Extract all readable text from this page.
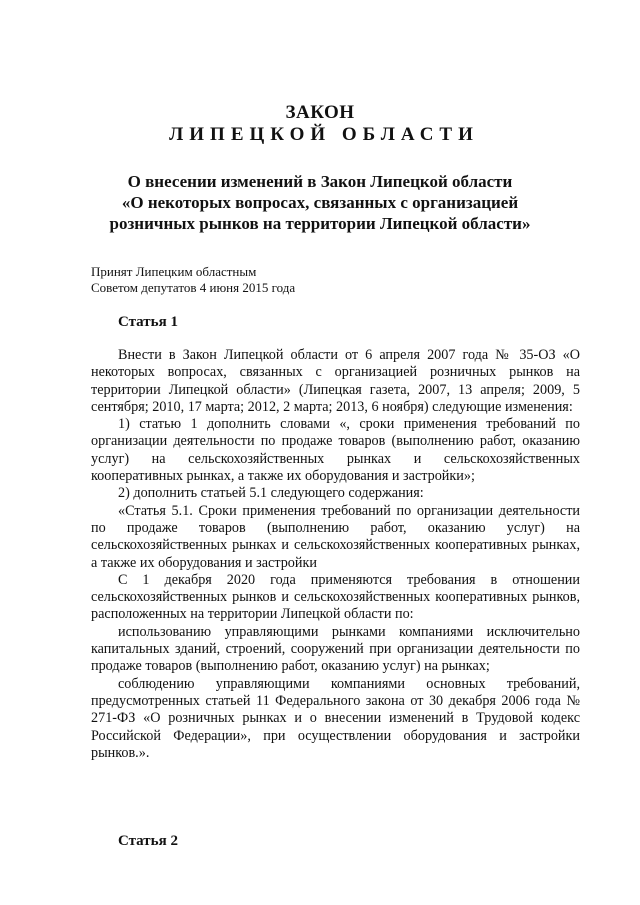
ЗАКОН
ЛИПЕЦКОЙ ОБЛАСТИ
О внесении изменений в Закон Липецкой области
«О некоторых вопросах, связанных с организацией
розничных рынков на территории Липецкой области»
Принят Липецким областным
Советом депутатов 4 июня 2015 года
Статья 1

Внести в Закон Липецкой области от 6 апреля 2007 года № 35-ОЗ «О некоторых вопросах, связанных с организацией розничных рынков на территории Липецкой области» (Липецкая газета, 2007, 13 апреля; 2009, 5 сентября; 2010, 17 марта; 2012, 2 марта; 2013, 6 ноября) следующие изменения:

1) статью 1 дополнить словами «, сроки применения требований по организации деятельности по продаже товаров (выполнению работ, оказанию услуг) на сельскохозяйственных рынках и сельскохозяйственных кооперативных рынках, а также их оборудования и застройки»;

2) дополнить статьей 5.1 следующего содержания:

«Статья 5.1. Сроки применения требований по организации деятельности по продаже товаров (выполнению работ, оказанию услуг) на сельскохозяйственных рынках и сельскохозяйственных кооперативных рынках, а также их оборудования и застройки

С 1 декабря 2020 года применяются требования в отношении сельскохозяйственных рынков и сельскохозяйственных кооперативных рынков, расположенных на территории Липецкой области по:

использованию управляющими рынками компаниями исключительно капитальных зданий, строений, сооружений при организации деятельности по продаже товаров (выполнению работ, оказанию услуг) на рынках;

соблюдению управляющими компаниями основных требований, предусмотренных статьей 11 Федерального закона от 30 декабря 2006 года № 271-ФЗ «О розничных рынках и о внесении изменений в Трудовой кодекс Российской Федерации», при осуществлении оборудования и застройки рынков.».

Статья 2
